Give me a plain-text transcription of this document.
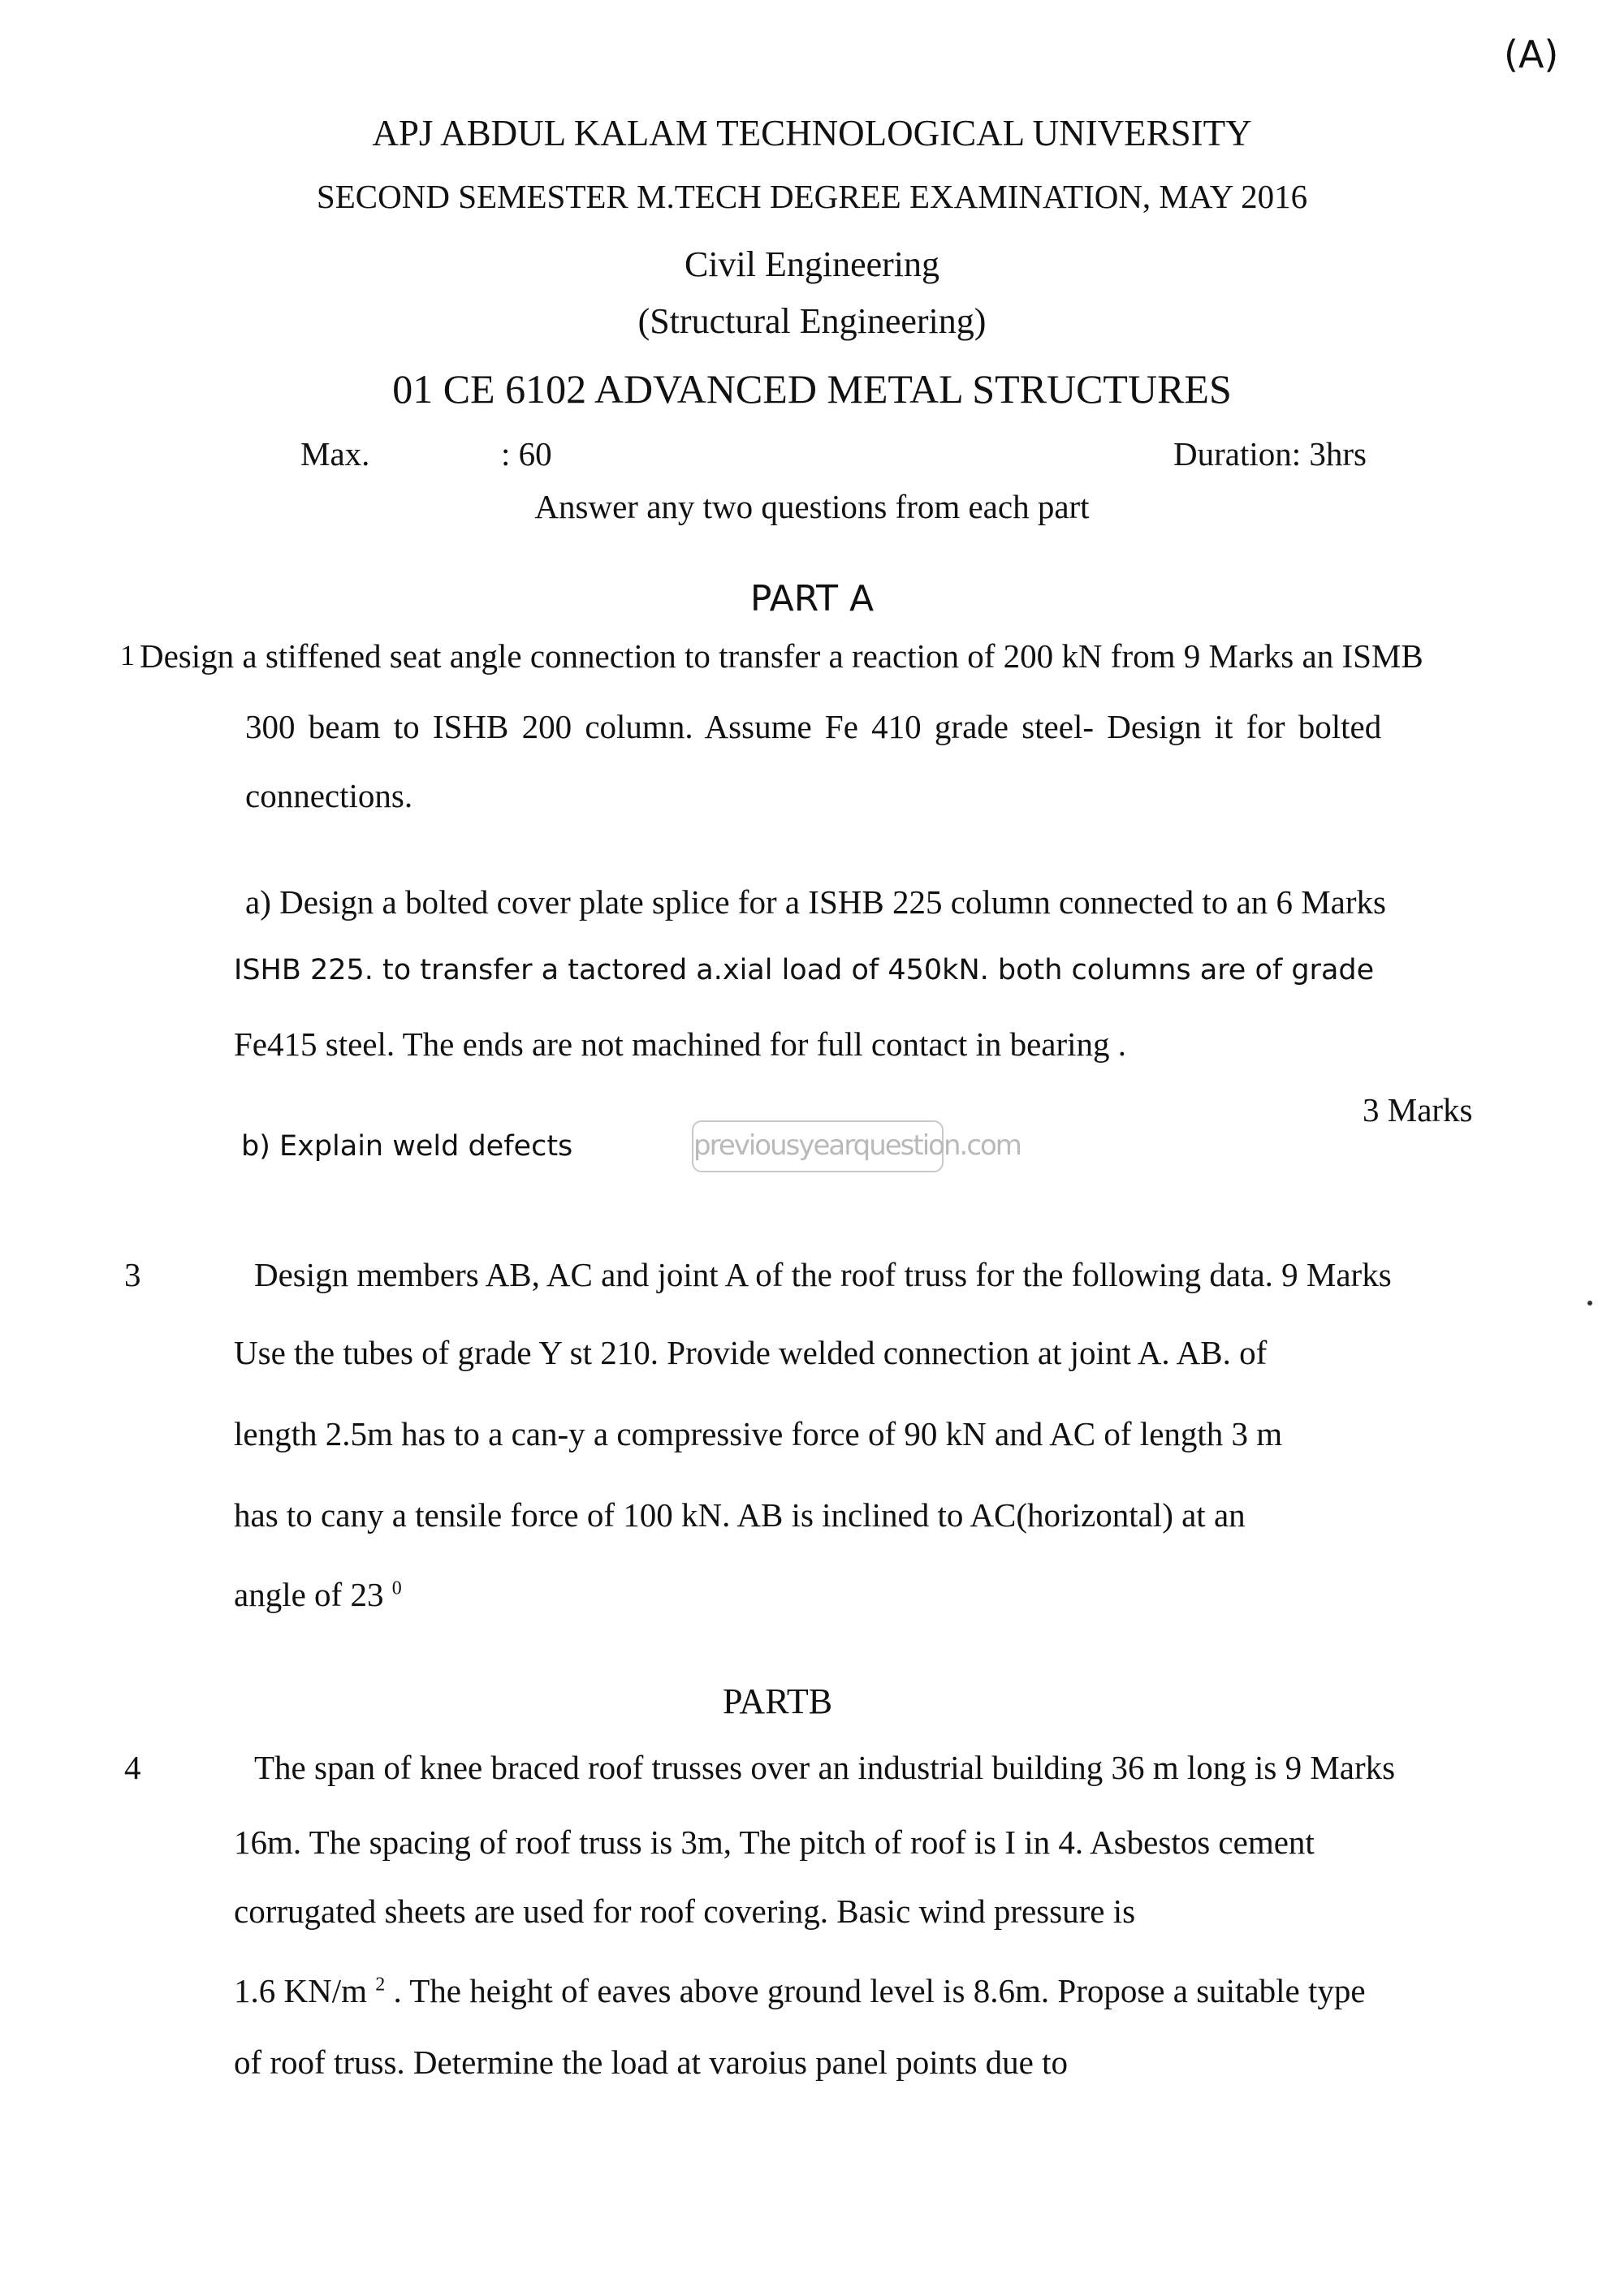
(A)
APJ ABDUL KALAM TECHNOLOGICAL UNIVERSITY
SECOND SEMESTER M.TECH DEGREE EXAMINATION, MAY 2016
Civil Engineering
(Structural Engineering)
01 CE 6102 ADVANCED METAL STRUCTURES
Max.	: 60	Duration: 3hrs
Answer any two questions from each part
PART A
1 Design a stiffened seat angle connection to transfer a reaction of 200 kN from 9 Marks an ISMB
300 beam to ISHB 200 column. Assume Fe 410 grade steel- Design it for bolted
connections.
a) Design a bolted cover plate splice for a ISHB 225 column connected to an 6 Marks
ISHB 225. to transfer a tactored a.xial load of 450kN. both columns are of grade
Fe415 steel. The ends are not machined for full contact in bearing .
3 Marks
b) Explain weld defects	previousyearquestion.com
3	Design members AB, AC and joint A of the roof truss for the following data. 9 Marks
Use the tubes of grade Y st 210. Provide welded connection at joint A. AB. of
length 2.5m has to a can-y a compressive force of 90 kN and AC of length 3 m
has to cany a tensile force of 100 kN. AB is inclined to AC(horizontal) at an
angle of 23 $^0$
PARTB
4	The span of knee braced roof trusses over an industrial building 36 m long is 9 Marks
16m. The spacing of roof truss is 3m, The pitch of roof is I in 4. Asbestos cement
corrugated sheets are used for roof covering. Basic wind pressure is
1.6 KN/m $^2$ . The height of eaves above ground level is 8.6m. Propose a suitable type
of roof truss. Determine the load at varoius panel points due to
